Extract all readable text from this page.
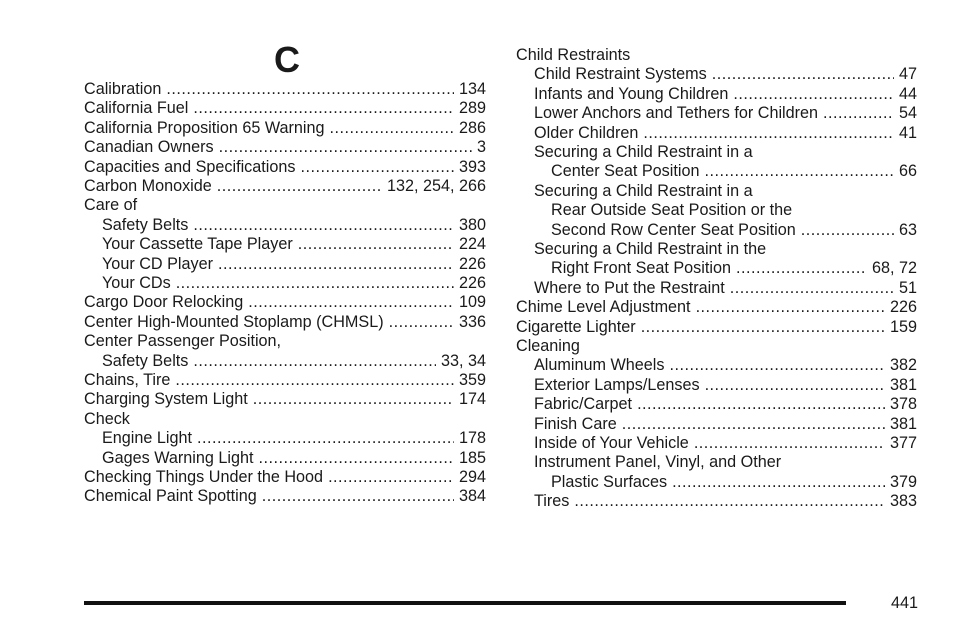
C
Calibration .....	134
California Fuel .....	289
California Proposition 65 Warning .....	286
Canadian Owners .....	3
Capacities and Specifications .....	393
Carbon Monoxide .....	132, 254, 266
Care of
Safety Belts .....	380
Your Cassette Tape Player .....	224
Your CD Player .....	226
Your CDs .....	226
Cargo Door Relocking .....	109
Center High-Mounted Stoplamp (CHMSL) .....	336
Center Passenger Position,
Safety Belts .....	33, 34
Chains, Tire .....	359
Charging System Light .....	174
Check
Engine Light .....	178
Gages Warning Light .....	185
Checking Things Under the Hood .....	294
Chemical Paint Spotting .....	384
Child Restraints
Child Restraint Systems .....	47
Infants and Young Children .....	44
Lower Anchors and Tethers for Children .....	54
Older Children .....	41
Securing a Child Restraint in a
Center Seat Position .....	66
Securing a Child Restraint in a
Rear Outside Seat Position or the
Second Row Center Seat Position .....	63
Securing a Child Restraint in the
Right Front Seat Position .....	68, 72
Where to Put the Restraint .....	51
Chime Level Adjustment .....	226
Cigarette Lighter .....	159
Cleaning
Aluminum Wheels .....	382
Exterior Lamps/Lenses .....	381
Fabric/Carpet .....	378
Finish Care .....	381
Inside of Your Vehicle .....	377
Instrument Panel, Vinyl, and Other
Plastic Surfaces .....	379
Tires .....	383
441
